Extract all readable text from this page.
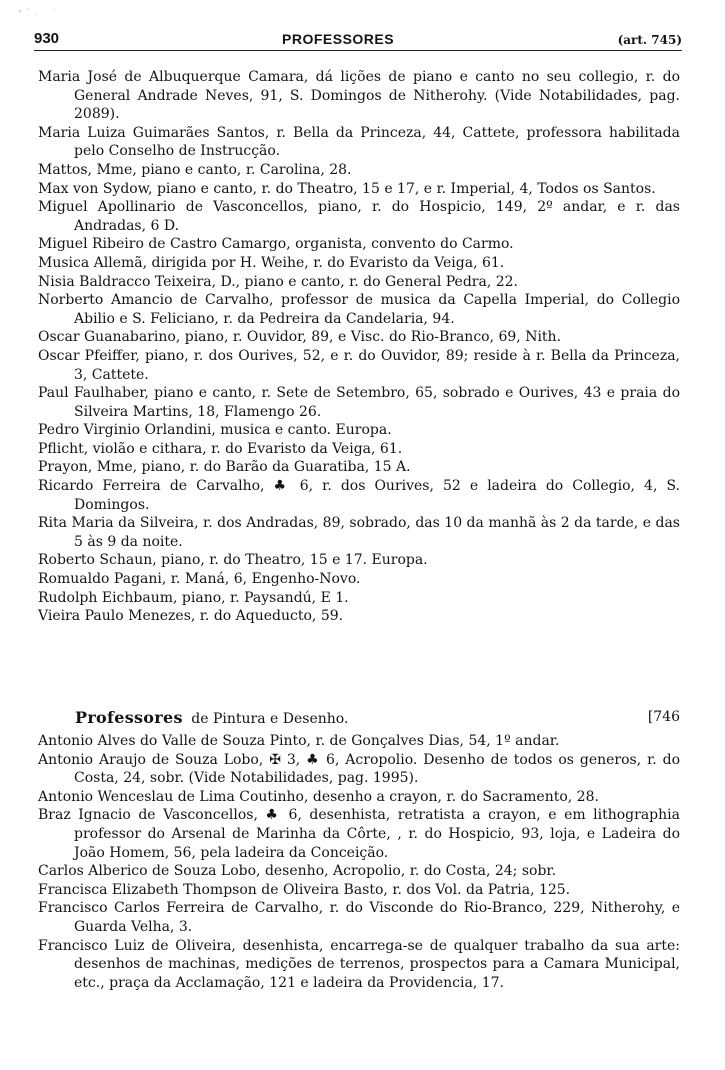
930	PROFESSORES	(art. 745)
Maria José de Albuquerque Camara, dá lições de piano e canto no seu collegio, r. do General Andrade Neves, 91, S. Domingos de Nitherohy. (Vide Notabilidades, pag. 2089).
Maria Luiza Guimarães Santos, r. Bella da Princeza, 44, Cattete, professora habilitada pelo Conselho de Instrucção.
Mattos, Mme, piano e canto, r. Carolina, 28.
Max von Sydow, piano e canto, r. do Theatro, 15 e 17, e r. Imperial, 4, Todos os Santos.
Miguel Apollinario de Vasconcellos, piano, r. do Hospicio, 149, 2º andar, e r. das Andradas, 6 D.
Miguel Ribeiro de Castro Camargo, organista, convento do Carmo.
Musica Allemã, dirigida por H. Weihe, r. do Evaristo da Veiga, 61.
Nisia Baldracco Teixeira, D., piano e canto, r. do General Pedra, 22.
Norberto Amancio de Carvalho, professor de musica da Capella Imperial, do Collegio Abilio e S. Feliciano, r. da Pedreira da Candelaria, 94.
Oscar Guanabarino, piano, r. Ouvidor, 89, e Visc. do Rio-Branco, 69, Nith.
Oscar Pfeiffer, piano, r. dos Ourives, 52, e r. do Ouvidor, 89; reside à r. Bella da Princeza, 3, Cattete.
Paul Faulhaber, piano e canto, r. Sete de Setembro, 65, sobrado e Ourives, 43 e praia do Silveira Martins, 18, Flamengo 26.
Pedro Virginio Orlandini, musica e canto. Europa.
Pflicht, violão e cithara, r. do Evaristo da Veiga, 61.
Prayon, Mme, piano, r. do Barão da Guaratiba, 15 A.
Ricardo Ferreira de Carvalho, ♣ 6, r. dos Ourives, 52 e ladeira do Collegio, 4, S. Domingos.
Rita Maria da Silveira, r. dos Andradas, 89, sobrado, das 10 da manhã às 2 da tarde, e das 5 às 9 da noite.
Roberto Schaun, piano, r. do Theatro, 15 e 17. Europa.
Romualdo Pagani, r. Maná, 6, Engenho-Novo.
Rudolph Eichbaum, piano, r. Paysandú, E 1.
Vieira Paulo Menezes, r. do Aqueducto, 59.
Professores de Pintura e Desenho.	[746
Antonio Alves do Valle de Souza Pinto, r. de Gonçalves Dias, 54, 1º andar.
Antonio Araujo de Souza Lobo, ✠ 3, ♣ 6, Acropolio. Desenho de todos os generos, r. do Costa, 24, sobr. (Vide Notabilidades, pag. 1995).
Antonio Wenceslau de Lima Coutinho, desenho a crayon, r. do Sacramento, 28.
Braz Ignacio de Vasconcellos, ♣ 6, desenhista, retratista a crayon, e em lithographia professor do Arsenal de Marinha da Côrte, , r. do Hospicio, 93, loja, e Ladeira do João Homem, 56, pela ladeira da Conceição.
Carlos Alberico de Souza Lobo, desenho, Acropolio, r. do Costa, 24; sobr.
Francisca Elizabeth Thompson de Oliveira Basto, r. dos Vol. da Patria, 125.
Francisco Carlos Ferreira de Carvalho, r. do Visconde do Rio-Branco, 229, Nitherohy, e Guarda Velha, 3.
Francisco Luiz de Oliveira, desenhista, encarrega-se de qualquer trabalho da sua arte: desenhos de machinas, medições de terrenos, prospectos para a Camara Municipal, etc., praça da Acclamação, 121 e ladeira da Providencia, 17.
